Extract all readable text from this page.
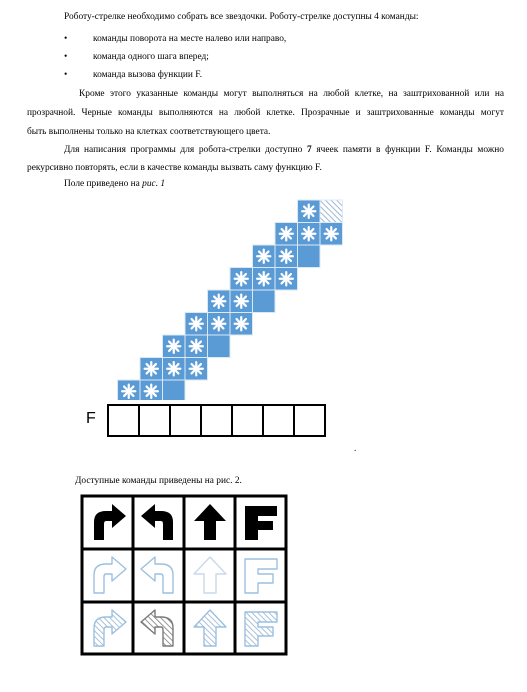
Роботу-стрелке необходимо собрать все звездочки. Роботу-стрелке доступны 4 команды:

•	команды поворота на месте налево или направо,
•	команда одного шага вперед;
•	команда вызова функции F.

Кроме этого указанные команды могут выполняться на любой клетке, на заштрихованной или на

прозрачной. Черные команды выполняются на любой клетке. Прозрачные и заштрихованные команды могут

быть выполнены только на клетках соответствующего цвета.

Для написания программы для робота-стрелки доступно 7 ячеек памяти в функции F. Команды можно

рекурсивно повторять, если в качестве команды вызвать саму функцию F.

Поле приведено на рис. 1

F
.

Доступные команды приведены на рис. 2.
